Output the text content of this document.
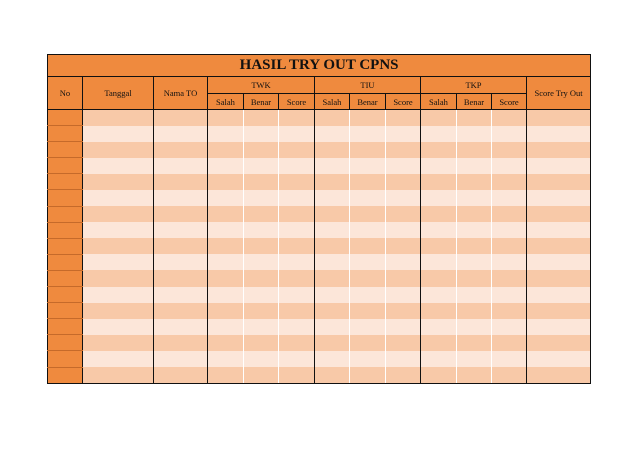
HASIL TRY OUT CPNS												
No	Tanggal	Nama TO	TWK			TIU			TKP			Score Try Out
			Salah	Benar	Score	Salah	Benar	Score	Salah	Benar	Score	
